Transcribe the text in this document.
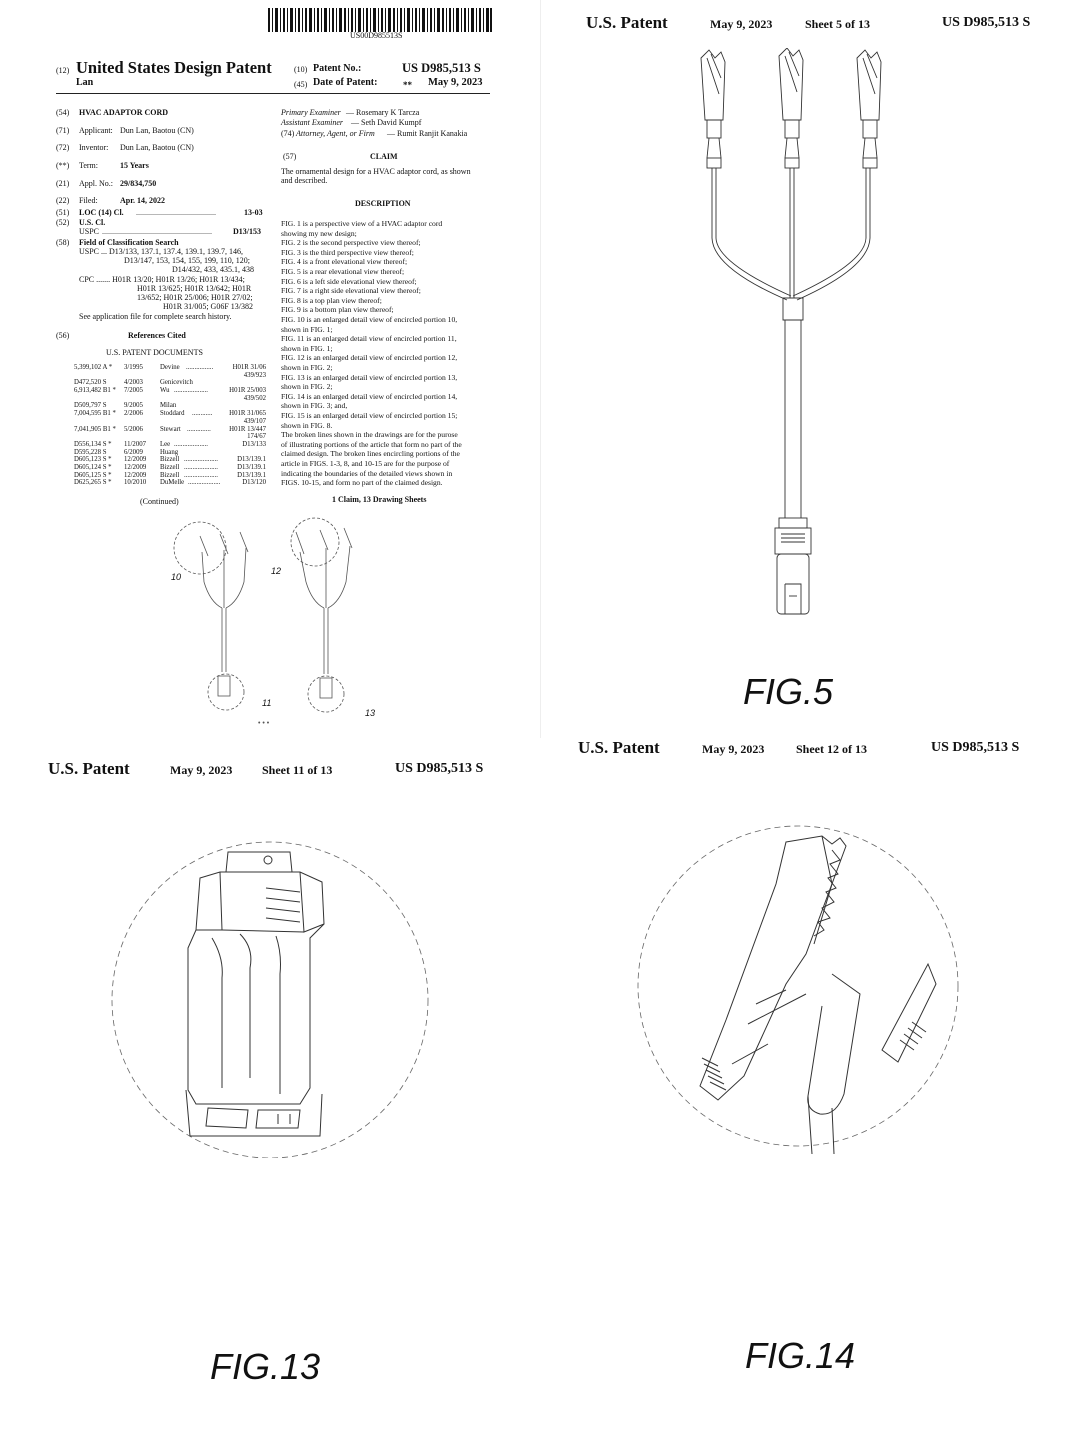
US00D985513S
(12) United States Design Patent
Lan
(10) Patent No.:	US D985,513 S
(45) Date of Patent:	** May 9, 2023
(54) HVAC ADAPTOR CORD
(71) Applicant: Dun Lan, Baotou (CN)
(72) Inventor: Dun Lan, Baotou (CN)
(**) Term:	15 Years
(21) Appl. No.: 29/834,750
(22) Filed:	Apr. 14, 2022
(51) LOC (14) Cl. ........................................	13-03
(52) U.S. Cl.
USPC .......................................................	D13/153
(58) Field of Classification Search
USPC ... D13/133, 137.1, 137.4, 139.1, 139.7, 146,
D13/147, 153, 154, 155, 199, 110, 120;
D14/432, 433, 435.1, 438
CPC ....... H01R 13/20; H01R 13/26; H01R 13/434;
H01R 13/625; H01R 13/642; H01R
13/652; H01R 25/006; H01R 27/02;
H01R 31/005; G06F 13/382
See application file for complete search history.
(56)	References Cited
U.S. PATENT DOCUMENTS
5,399,102 A * 3/1995	Devine ................	H01R 31/06
439/923
D472,520 S	4/2003	Genicevitch
6,913,482 B1 * 7/2005	Wu ....................	H01R 25/003
439/502
D509,797 S	9/2005	Milan
7,004,595 B1 * 2/2006	Stoddard ............ H01R 31/065
439/107
7,041,905 B1 * 5/2006	Stewart ..............	H01R 13/447
174/67
D556,134 S * 11/2007 Lee ....................	D13/133
D595,228 S	6/2009	Huang
D605,123 S * 12/2009 Bizzell ....................	D13/139.1
D605,124 S * 12/2009 Bizzell ....................	D13/139.1
D605,125 S * 12/2009 Bizzell ....................	D13/139.1
D625,265 S * 10/2010 DuMelle ...................	D13/120
(Continued)
Primary Examiner — Rosemary K Tarcza
Assistant Examiner — Seth David Kumpf
(74) Attorney, Agent, or Firm — Rumit Ranjit Kanakia
(57)	CLAIM
The ornamental design for a HVAC adaptor cord, as shown
and described.
DESCRIPTION
FIG. 1 is a perspective view of a HVAC adaptor cord
showing my new design;
FIG. 2 is the second perspective view thereof;
FIG. 3 is the third perspective view thereof;
FIG. 4 is a front elevational view thereof;
FIG. 5 is a rear elevational view thereof;
FIG. 6 is a left side elevational view thereof;
FIG. 7 is a right side elevational view thereof;
FIG. 8 is a top plan view thereof;
FIG. 9 is a bottom plan view thereof;
FIG. 10 is an enlarged detail view of encircled portion 10,
shown in FIG. 1;
FIG. 11 is an enlarged detail view of encircled portion 11,
shown in FIG. 1;
FIG. 12 is an enlarged detail view of encircled portion 12,
shown in FIG. 2;
FIG. 13 is an enlarged detail view of encircled portion 13,
shown in FIG. 2;
FIG. 14 is an enlarged detail view of encircled portion 14,
shown in FIG. 3; and,
FIG. 15 is an enlarged detail view of encircled portion 15;
shown in FIG. 8.
The broken lines shown in the drawings are for the purose
of illustrating portions of the article that form no part of the
claimed design. The broken lines encircling portions of the
article in FIGS. 1-3, 8, and 10-15 are for the purpose of
indicating the boundaries of the detailed views shown in
FIGS. 10-15, and form no part of the claimed design.
1 Claim, 13 Drawing Sheets
10
12
11
13
• • •
U.S. Patent	May 9, 2023	Sheet 5 of 13	US D985,513 S
FIG.5
U.S. Patent	May 9, 2023 Sheet 11 of 13	US D985,513 S
FIG.13
U.S. Patent	May 9, 2023	Sheet 12 of 13	US D985,513 S
FIG.14
